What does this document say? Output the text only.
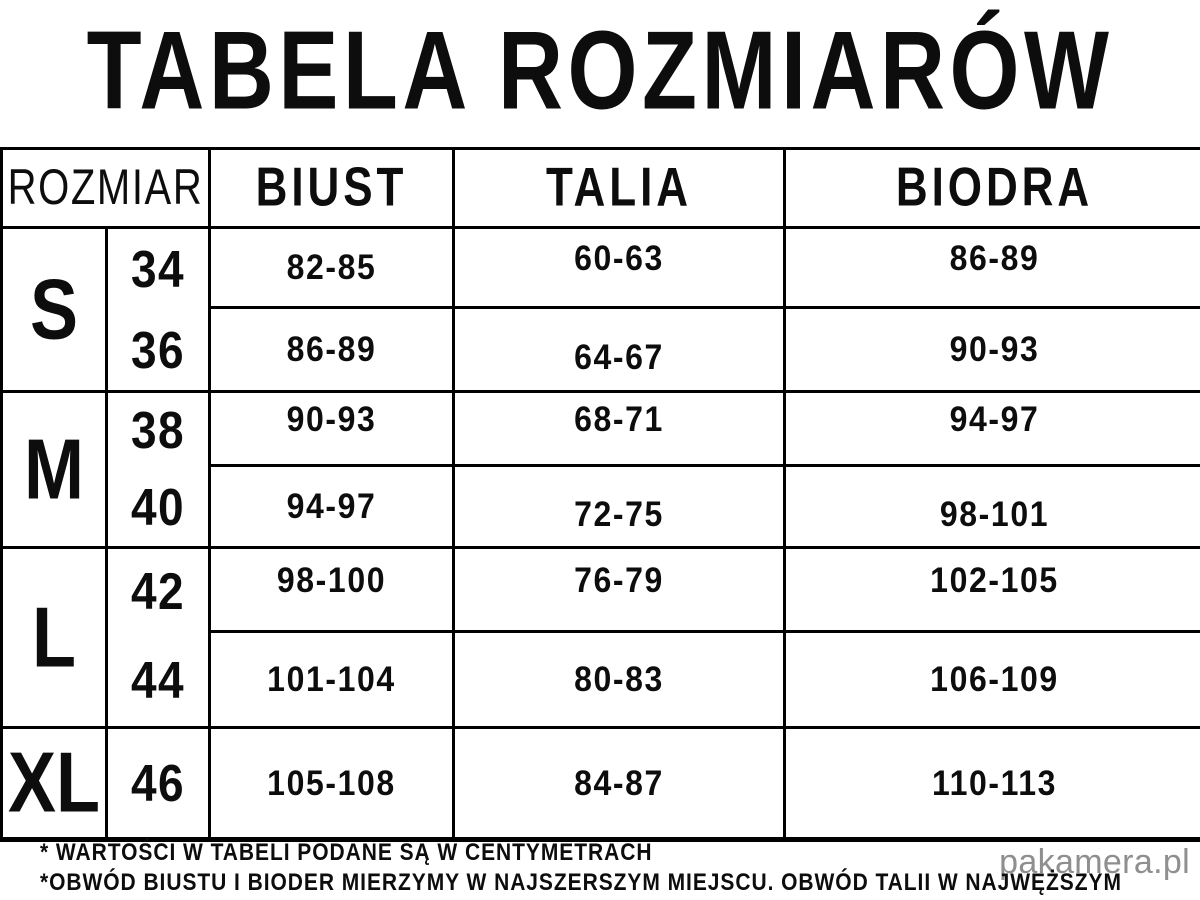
TABELA ROZMIARÓW
ROZMIAR BIUST	TALIA	BIODRA
S 34	82-85	60-63	86-89
36	86-89	64-67	90-93
M 38	90-93	68-71	94-97
40	94-97	72-75	98-101
L 42	98-100	76-79	102-105
44	101-104	80-83	106-109
XL 46	105-108	84-87	110-113
pakamera.pl
* WARTOŚCI W TABELI PODANE SĄ W CENTYMETRACH
*OBWÓD BIUSTU I BIODER MIERZYMY W NAJSZERSZYM MIEJSCU. OBWÓD TALII W NAJWĘŻSZYM
